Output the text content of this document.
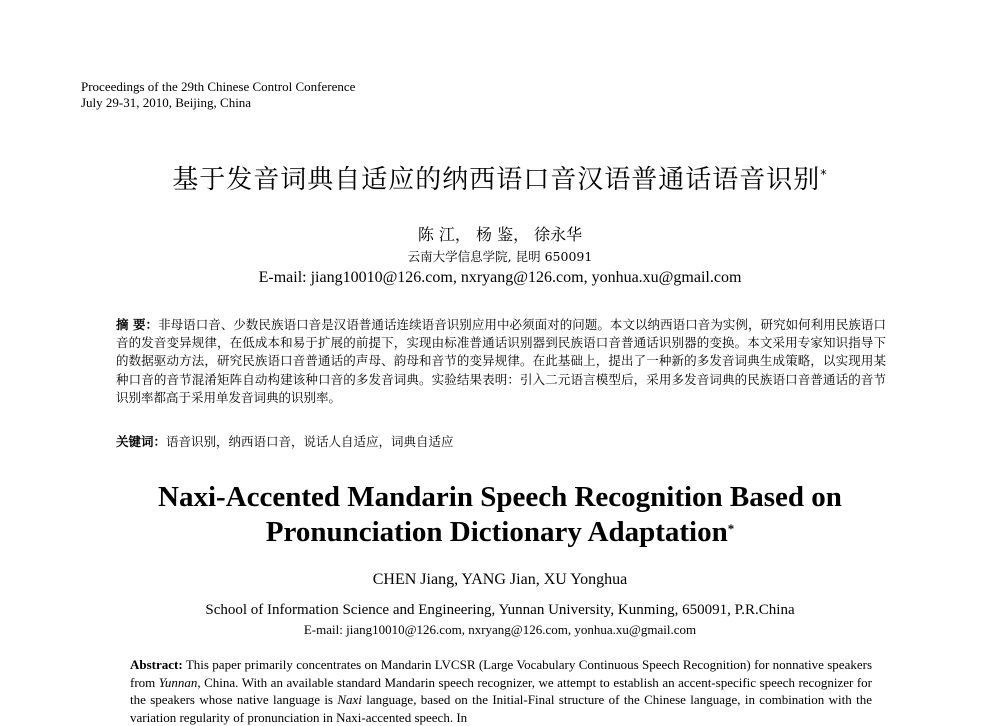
Proceedings of the 29th Chinese Control Conference
July 29-31, 2010, Beijing, China
基于发音词典自适应的纳西语口音汉语普通话语音识别*
陈 江， 杨 鉴， 徐永华
云南大学信息学院, 昆明 650091
E-mail: jiang10010@126.com, nxryang@126.com, yonhua.xu@gmail.com
摘 要：非母语口音、少数民族语口音是汉语普通话连续语音识别应用中必须面对的问题。本文以纳西语口音为实例，研究如何利用民族语口音的发音变异规律，在低成本和易于扩展的前提下，实现由标准普通话识别器到民族语口音普通话识别器的变换。本文采用专家知识指导下的数据驱动方法，研究民族语口音普通话的声母、韵母和音节的变异规律。在此基础上，提出了一种新的多发音词典生成策略，以实现用某种口音的音节混淆矩阵自动构建该种口音的多发音词典。实验结果表明：引入二元语言模型后，采用多发音词典的民族语口音普通话的音节识别率都高于采用单发音词典的识别率。
关键词：语音识别，纳西语口音，说话人自适应，词典自适应
Naxi-Accented Mandarin Speech Recognition Based on
Pronunciation Dictionary Adaptation*
CHEN Jiang, YANG Jian, XU Yonghua
School of Information Science and Engineering, Yunnan University, Kunming, 650091, P.R.China
E-mail: jiang10010@126.com, nxryang@126.com, yonhua.xu@gmail.com
Abstract: This paper primarily concentrates on Mandarin LVCSR (Large Vocabulary Continuous Speech Recognition) for nonnative speakers from Yunnan, China. With an available standard Mandarin speech recognizer, we attempt to establish an accent-specific speech recognizer for the speakers whose native language is Naxi language, based on the Initial-Final structure of the Chinese language, in combination with the variation regularity of pronunciation in Naxi-accented speech. In
